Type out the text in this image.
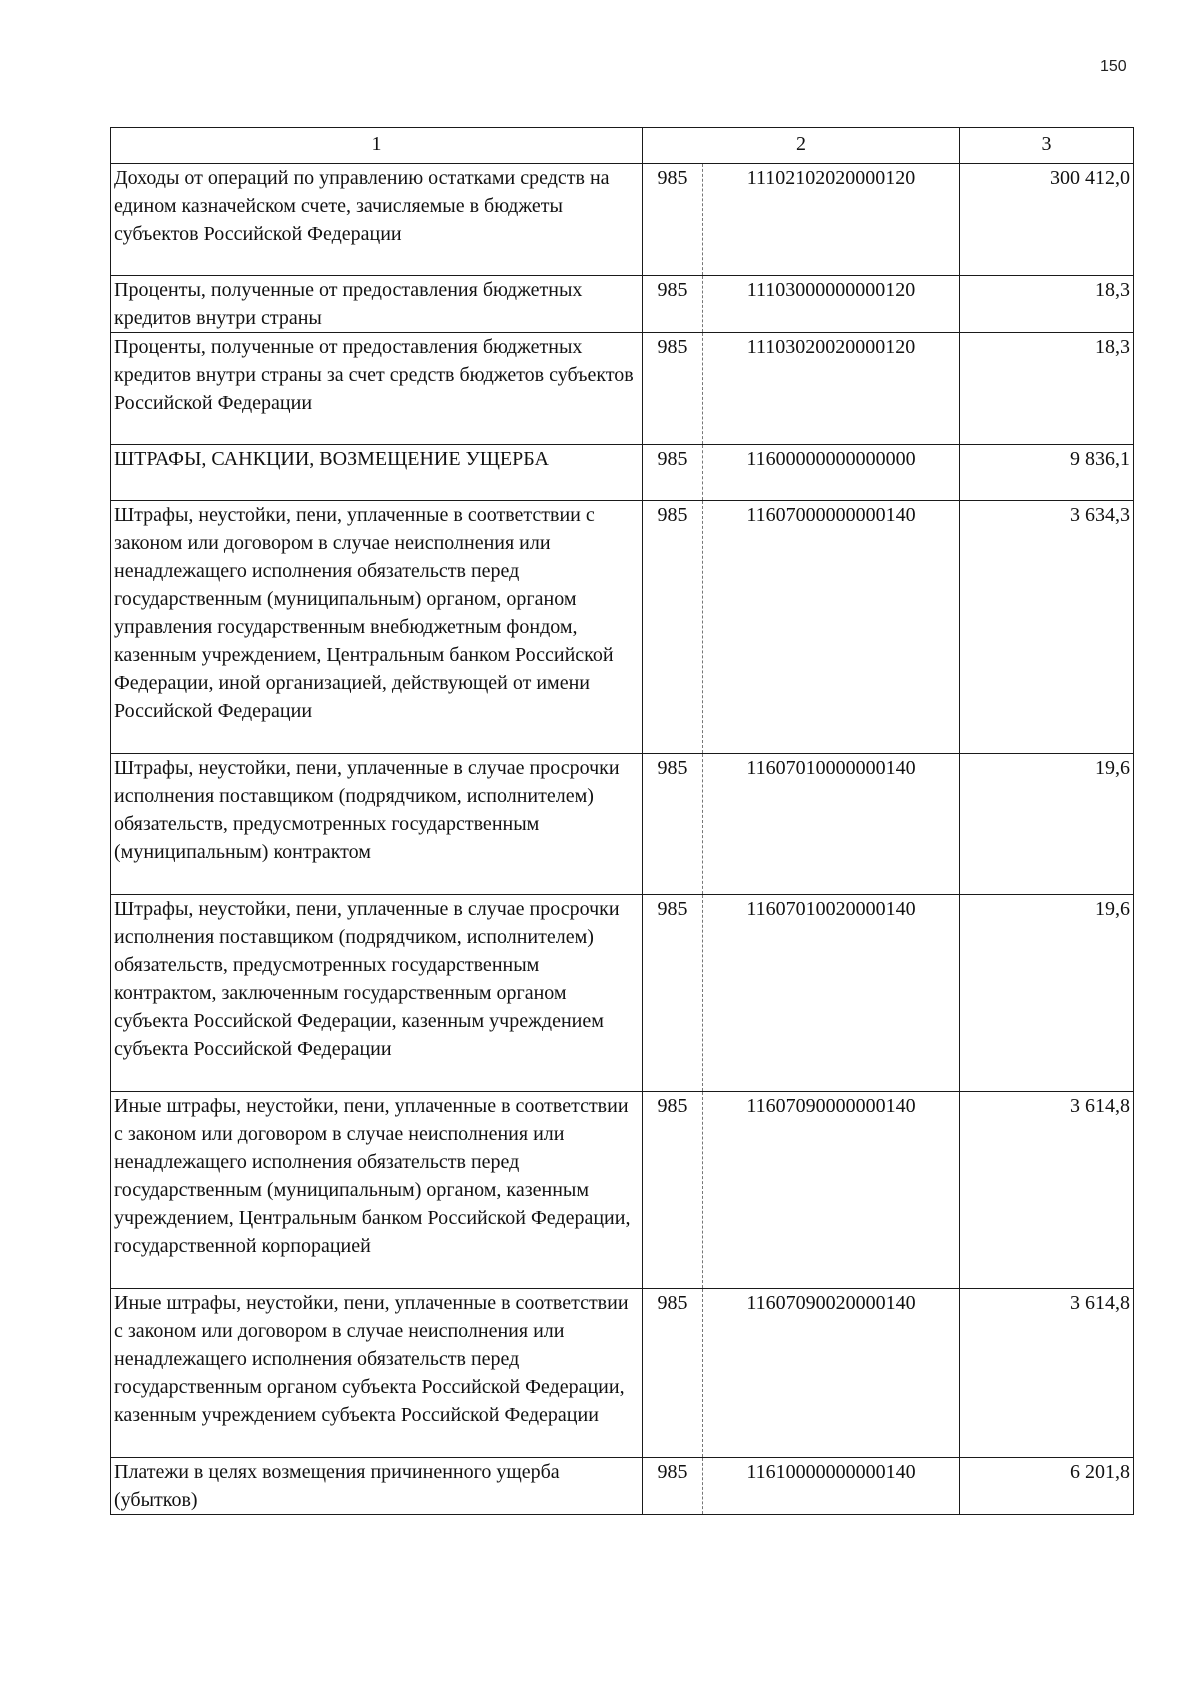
150
1	2		3
Доходы от операций по управлению остатками средств на едином казначейском счете, зачисляемые в бюджеты субъектов Российской Федерации	985	11102102020000120	300 412,0
Проценты, полученные от предоставления бюджетных кредитов внутри страны	985	11103000000000120	18,3
Проценты, полученные от предоставления бюджетных кредитов внутри страны за счет средств бюджетов субъектов Российской Федерации	985	11103020020000120	18,3
ШТРАФЫ, САНКЦИИ, ВОЗМЕЩЕНИЕ УЩЕРБА	985	11600000000000000	9 836,1
Штрафы, неустойки, пени, уплаченные в соответствии с законом или договором в случае неисполнения или ненадлежащего исполнения обязательств перед государственным (муниципальным) органом, органом управления государственным внебюджетным фондом, казенным учреждением, Центральным банком Российской Федерации, иной организацией, действующей от имени Российской Федерации	985	11607000000000140	3 634,3
Штрафы, неустойки, пени, уплаченные в случае просрочки исполнения поставщиком (подрядчиком, исполнителем) обязательств, предусмотренных государственным (муниципальным) контрактом	985	11607010000000140	19,6
Штрафы, неустойки, пени, уплаченные в случае просрочки исполнения поставщиком (подрядчиком, исполнителем) обязательств, предусмотренных государственным контрактом, заключенным государственным органом субъекта Российской Федерации, казенным учреждением субъекта Российской Федерации	985	11607010020000140	19,6
Иные штрафы, неустойки, пени, уплаченные в соответствии с законом или договором в случае неисполнения или ненадлежащего исполнения обязательств перед государственным (муниципальным) органом, казенным учреждением, Центральным банком Российской Федерации, государственной корпорацией	985	11607090000000140	3 614,8
Иные штрафы, неустойки, пени, уплаченные в соответствии с законом или договором в случае неисполнения или ненадлежащего исполнения обязательств перед государственным органом субъекта Российской Федерации, казенным учреждением субъекта Российской Федерации	985	11607090020000140	3 614,8
Платежи в целях возмещения причиненного ущерба (убытков)	985	11610000000000140	6 201,8
